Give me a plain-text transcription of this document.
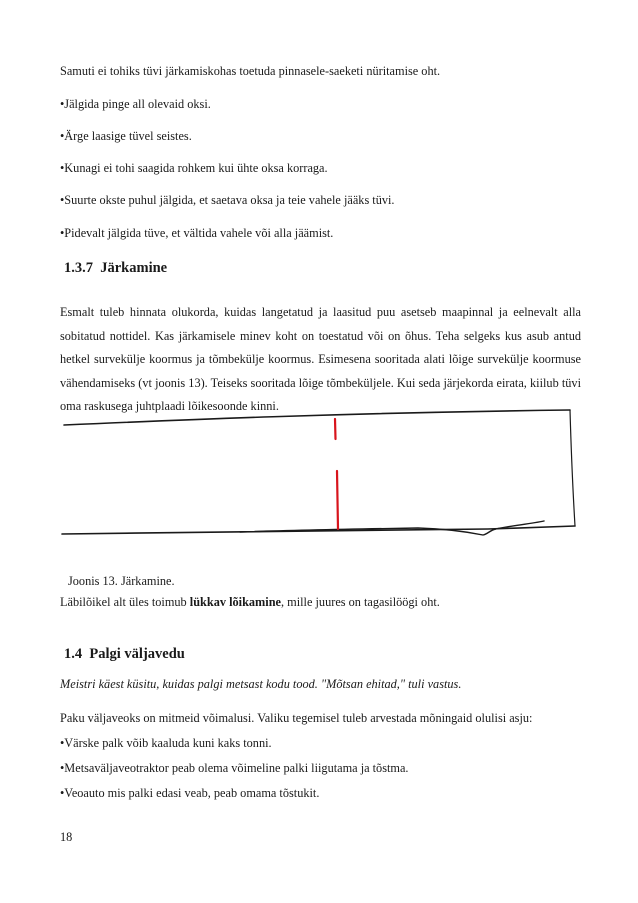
Samuti ei tohiks tüvi järkamiskohas toetuda pinnasele-saeketi nüritamise oht.
•Jälgida pinge all olevaid oksi.
•Ärge laasige tüvel seistes.
•Kunagi ei tohi saagida rohkem kui ühte oksa korraga.
•Suurte okste puhul jälgida, et saetava oksa ja teie vahele jääks tüvi.
•Pidevalt jälgida tüve, et vältida vahele või alla jäämist.
1.3.7 Järkamine
Esmalt tuleb hinnata olukorda, kuidas langetatud ja laasitud puu asetseb maapinnal ja eelnevalt alla sobitatud nottidel. Kas järkamisele minev koht on toestatud või on õhus. Teha selgeks kus asub antud hetkel survekülje koormus ja tõmbekülje koormus. Esimesena sooritada alati lõige survekülje koormuse vähendamiseks (vt joonis 13). Teiseks sooritada lõige tõmbeküljele. Kui seda järjekorda eirata, kiilub tüvi oma raskusega juhtplaadi lõikesoonde kinni.
Joonis 13. Järkamine.
Läbilõikel alt üles toimub lükkav lõikamine, mille juures on tagasilöögi oht.
1.4 Palgi väljavedu
Meistri käest küsitu, kuidas palgi metsast kodu tood. "Mõtsan ehitad," tuli vastus.
Paku väljaveoks on mitmeid võimalusi. Valiku tegemisel tuleb arvestada mõningaid olulisi asju:
•Värske palk võib kaaluda kuni kaks tonni.
•Metsaväljaveotraktor peab olema võimeline palki liigutama ja tõstma.
•Veoauto mis palki edasi veab, peab omama tõstukit.
18
